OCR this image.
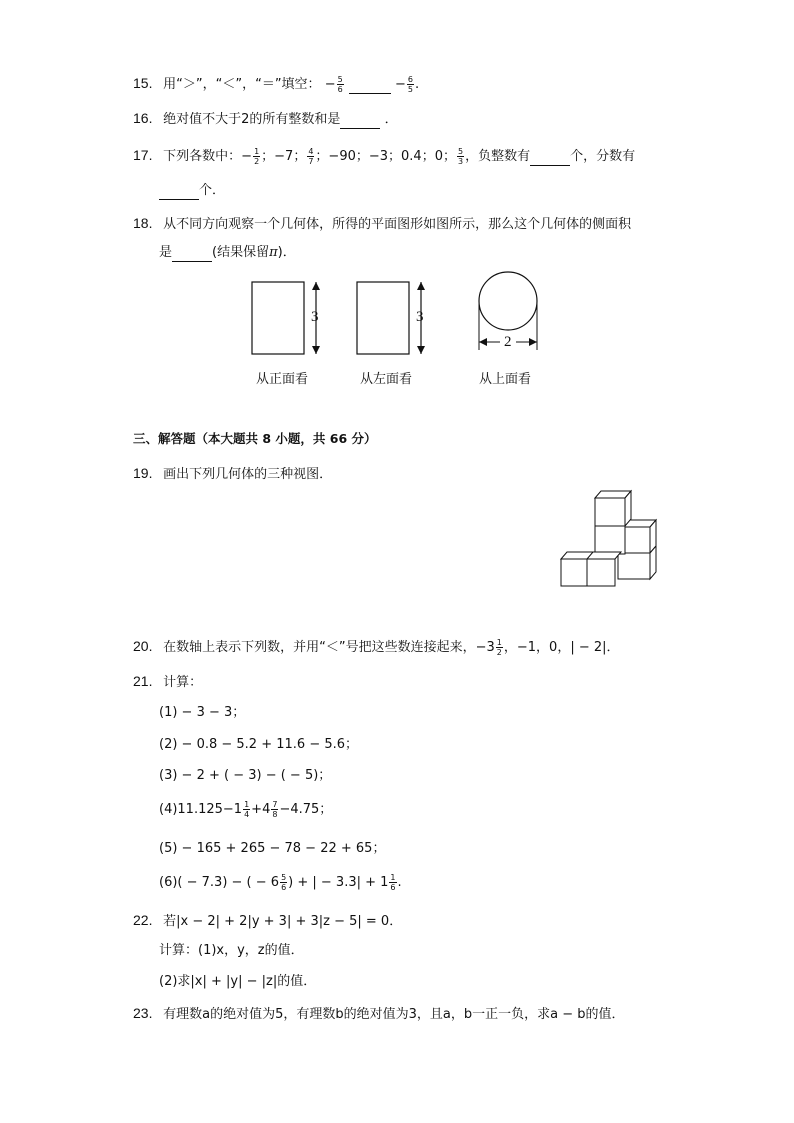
15. 用“＞”，“＜”，“＝”填空： − $\frac{5}{6}$	− $\frac{6}{5}$ .
16. 绝对值不大于2的所有整数和是	．
17. 下列各数中：− $\frac{1}{2}$ ；−7； $\frac{4}{7}$ ；−90；−3；0.4；0； $\frac{5}{3}$ ，负整数有	个，分数有
个．
18. 从不同方向观察一个几何体，所得的平面图形如图所示，那么这个几何体的侧面积
是	(结果保留π)．
3
从正面看
3
从左面看
2
从上面看
三、解答题（本大题共 8 小题，共 66 分）
19. 画出下列几何体的三种视图．
20. 在数轴上表示下列数，并用“＜”号把这些数连接起来， $-3 \frac{1}{2}$ ，−1，0，| − 2|．
21. 计算：
(1) − 3 − 3；
(2) − 0.8 − 5.2 + 11.6 − 5.6；
(3) − 2 + ( − 3) − ( − 5)；
$(4)11.125- 1 \frac{1}{4} + 4 \frac{7}{8} -4.75$；
(5) − 165 + 265 − 78 − 22 + 65；
(6)( − 7.3) − ( − $6 \frac{5}{6}$ ) + | − $3.3| + 1 \frac{1}{6}$ .
22. 若|x − 2| + 2|y + 3| + 3|z − 5| = 0．
计算：(1)x，y，z的值．
(2)求|x| + |y| − |z|的值．
23. 有理数a的绝对值为5，有理数b的绝对值为3，且a，b一正一负，求a − b的值．
